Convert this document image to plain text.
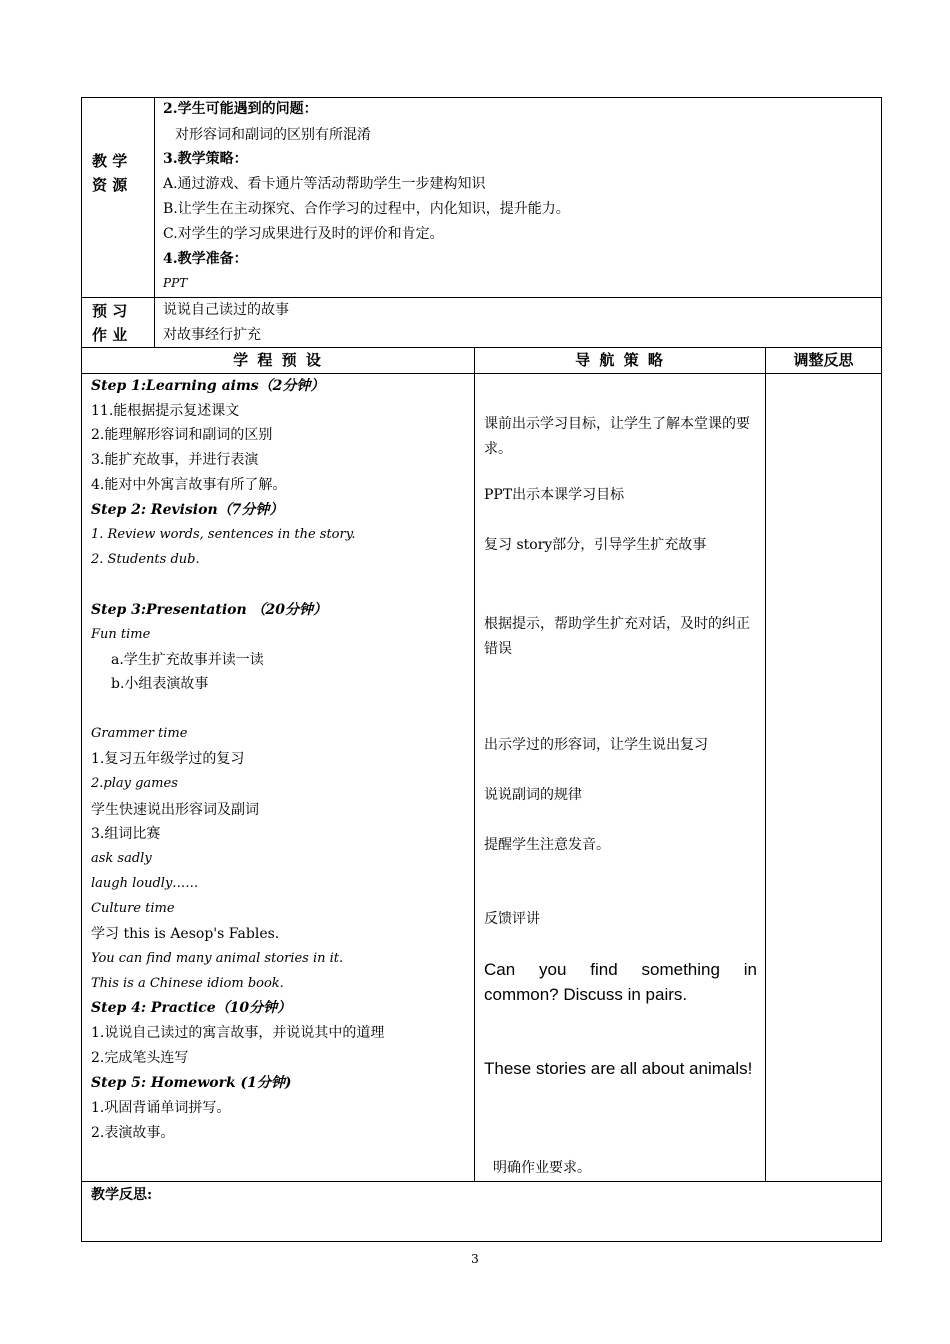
教 学
资 源
2.学生可能遇到的问题：
对形容词和副词的区别有所混淆
3.教学策略：
A.通过游戏、看卡通片等活动帮助学生一步建构知识
B.让学生在主动探究、合作学习的过程中，内化知识，提升能力。
C.对学生的学习成果进行及时的评价和肯定。
4.教学准备：
PPT
预 习
作 业
说说自己读过的故事
对故事经行扩充
学 程 预 设	导 航 策 略	调整反思
Step 1:Learning aims（2分钟）
11.能根据提示复述课文
2.能理解形容词和副词的区别
3.能扩充故事，并进行表演
4.能对中外寓言故事有所了解。
Step 2: Revision（7分钟）
1. Review words, sentences in the story.
2. Students dub.
Step 3:Presentation （20分钟）
Fun time
a.学生扩充故事并读一读
b.小组表演故事
Grammer time
1.复习五年级学过的复习
2.play games
学生快速说出形容词及副词
3.组词比赛
ask sadly
laugh loudly……
Culture time
学习 this is Aesop's Fables.
You can find many animal stories in it.
This is a Chinese idiom book.
Step 4: Practice（10分钟）
1.说说自己读过的寓言故事，并说说其中的道理
2.完成笔头连写
Step 5: Homework (1分钟)
1.巩固背诵单词拼写。
2.表演故事。
课前出示学习目标，让学生了解本堂课的要求。
PPT出示本课学习目标
复习 story部分，引导学生扩充故事
根据提示，帮助学生扩充对话，及时的纠正错误
出示学过的形容词，让学生说出复习
说说副词的规律
提醒学生注意发音。
反馈评讲
Can you find something in common? Discuss in pairs.
These stories are all about animals!
明确作业要求。
教学反思:
3
